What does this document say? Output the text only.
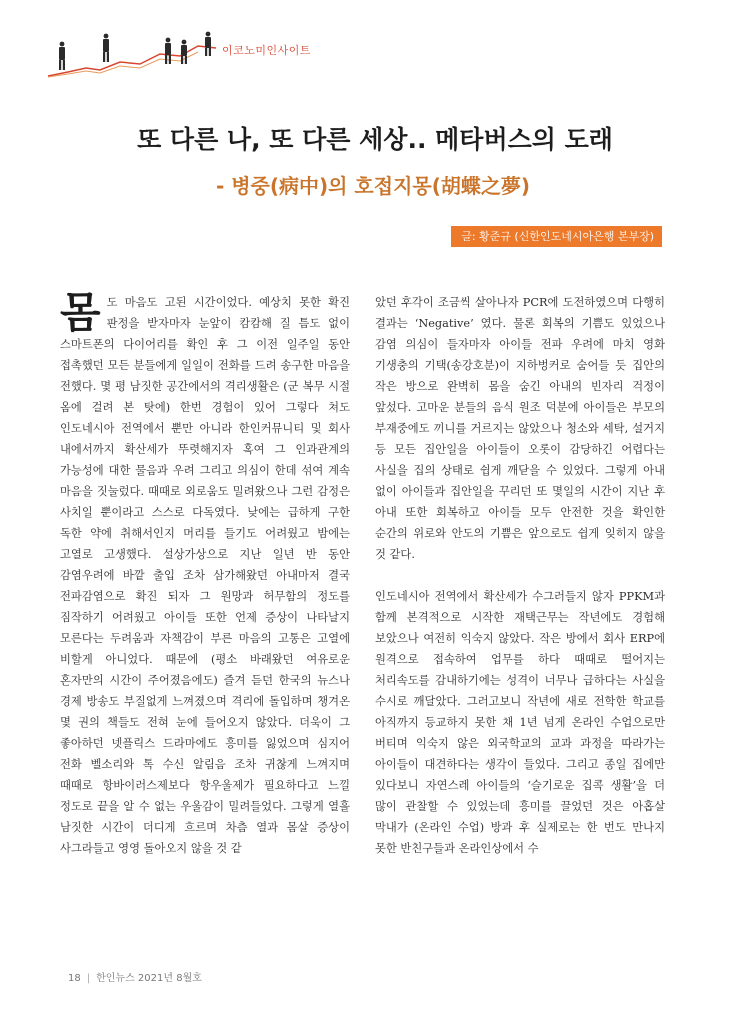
이코노미인사이트
또 다른 나, 또 다른 세상.. 메타버스의 도래
- 병중(病中)의 호접지몽(胡蝶之夢)
글: 황준규 (신한인도네시아은행 본부장)

몸도 마음도 고된 시간이었다. 예상치 못한 확진 판정을 받자마자 눈앞이 캄캄해 질 틈도 없이 스마트폰의 다이어리를 확인 후 그 이전 일주일 동안 접촉했던 모든 분들에게 일일이 전화를 드려 송구한 마음을 전했다. 몇 평 남짓한 공간에서의 격리생활은 (군 복무 시절 옴에 걸려 본 탓에) 한번 경험이 있어 그렇다 쳐도 인도네시아 전역에서 뿐만 아니라 한인커뮤니티 및 회사 내에서까지 확산세가 뚜렷해지자 혹여 그 인과관계의 가능성에 대한 물음과 우려 그리고 의심이 한데 섞여 계속 마음을 짓눌렀다. 때때로 외로움도 밀려왔으나 그런 감정은 사치일 뿐이라고 스스로 다독였다. 낮에는 급하게 구한 독한 약에 취해서인지 머리를 들기도 어려웠고 밤에는 고열로 고생했다. 설상가상으로 지난 일년 반 동안 감염우려에 바깥 출입 조차 삼가해왔던 아내마저 결국 전파감염으로 확진 되자 그 원망과 허무함의 정도를 짐작하기 어려웠고 아이들 또한 언제 증상이 나타날지 모른다는 두려움과 자책감이 부른 마음의 고통은 고열에 비할게 아니었다. 때문에 (평소 바래왔던 여유로운 혼자만의 시간이 주어졌음에도) 즐겨 듣던 한국의 뉴스나 경제 방송도 부질없게 느껴졌으며 격리에 돌입하며 챙겨온 몇 권의 책들도 전혀 눈에 들어오지 않았다. 더욱이 그 좋아하던 넷플릭스 드라마에도 흥미를 잃었으며 심지어 전화 벨소리와 톡 수신 알림음 조차 귀찮게 느껴지며 때때로 항바이러스제보다 항우울제가 필요하다고 느낄 정도로 끝을 알 수 없는 우울감이 밀려들었다. 그렇게 열흘 남짓한 시간이 더디게 흐르며 차츰 열과 몸살 증상이 사그라들고 영영 돌아오지 않을 것 같

았던 후각이 조금씩 살아나자 PCR에 도전하였으며 다행히 결과는 ‘Negative’ 였다. 물론 회복의 기쁨도 있었으나 감염 의심이 들자마자 아이들 전파 우려에 마치 영화 기생충의 기택(송강호분)이 지하벙커로 숨어들 듯 집안의 작은 방으로 완벽히 몸을 숨긴 아내의 빈자리 걱정이 앞섰다. 고마운 분들의 음식 원조 덕분에 아이들은 부모의 부재중에도 끼니를 거르지는 않았으나 청소와 세탁, 설거지 등 모든 집안일을 아이들이 오롯이 감당하긴 어렵다는 사실을 집의 상태로 쉽게 깨닫을 수 있었다. 그렇게 아내 없이 아이들과 집안일을 꾸리던 또 몇일의 시간이 지난 후 아내 또한 회복하고 아이들 모두 안전한 것을 확인한 순간의 위로와 안도의 기쁨은 앞으로도 쉽게 잊히지 않을 것 같다.

인도네시아 전역에서 확산세가 수그러들지 않자 PPKM과 함께 본격적으로 시작한 재택근무는 작년에도 경험해 보았으나 여전히 익숙지 않았다. 작은 방에서 회사 ERP에 원격으로 접속하여 업무를 하다 때때로 떨어지는 처리속도를 감내하기에는 성격이 너무나 급하다는 사실을 수시로 깨달았다. 그러고보니 작년에 새로 전학한 학교를 아직까지 등교하지 못한 채 1년 넘게 온라인 수업으로만 버티며 익숙지 않은 외국학교의 교과 과정을 따라가는 아이들이 대견하다는 생각이 들었다. 그리고 종일 집에만 있다보니 자연스레 아이들의 ‘슬기로운 집콕 생활’을 더 많이 관찰할 수 있었는데 흥미를 끌었던 것은 아홉살 막내가 (온라인 수업) 방과 후 실제로는 한 번도 만나지 못한 반친구들과 온라인상에서 수

18 | 한인뉴스 2021년 8월호
